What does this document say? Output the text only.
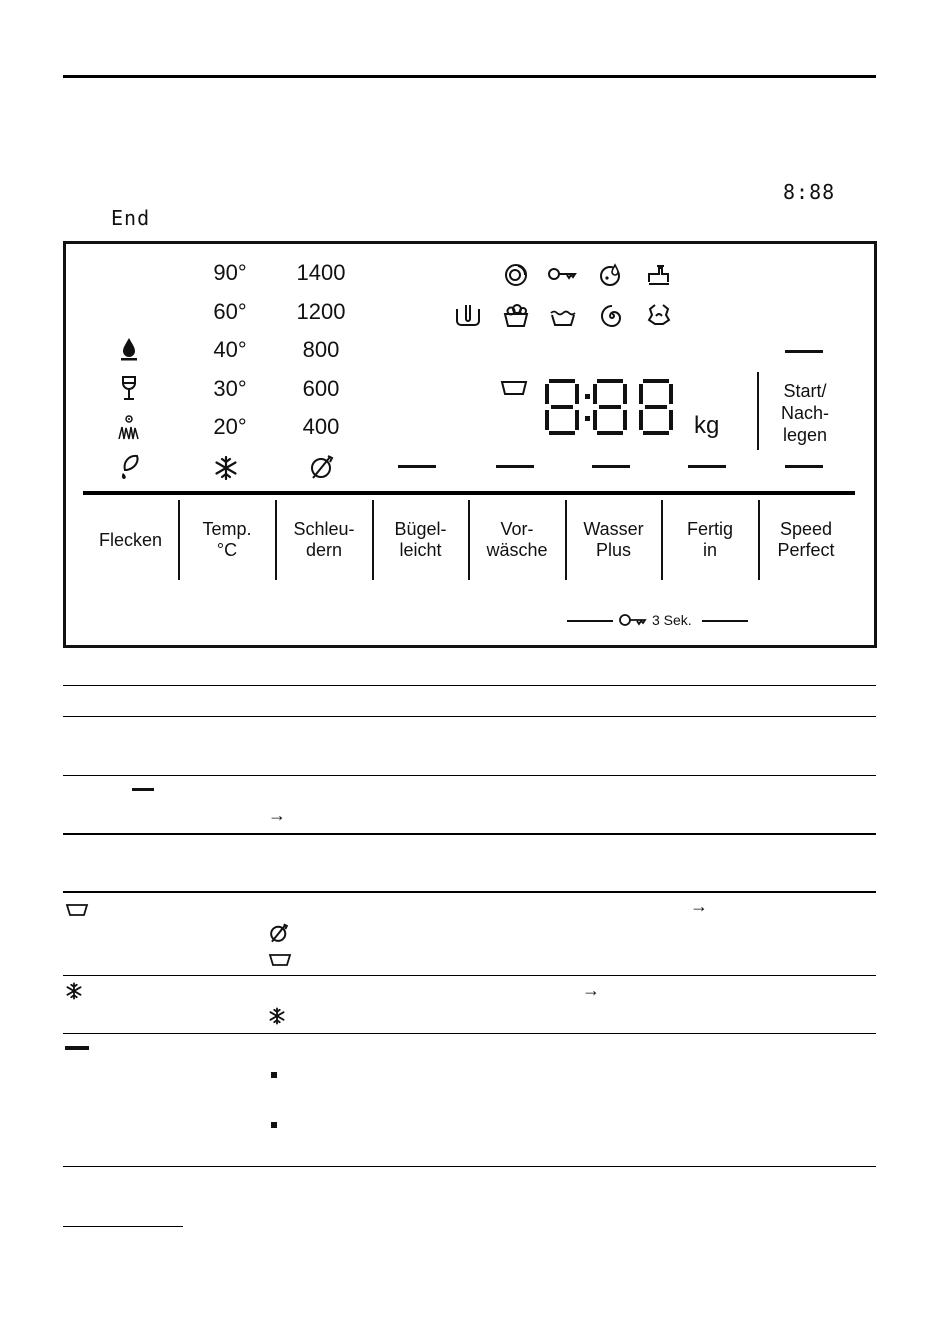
8:88
End
90°
60°
40°
30°
20°
1400
1200
800
600
400	kg
Start/
Nach-
legen
Flecken
Temp.
°C
Schleu-
dern
Bügel-
leicht
Vor-
wäsche
Wasser
Plus
Fertig
in
Speed
Perfect
3 Sek.
→
→
→
